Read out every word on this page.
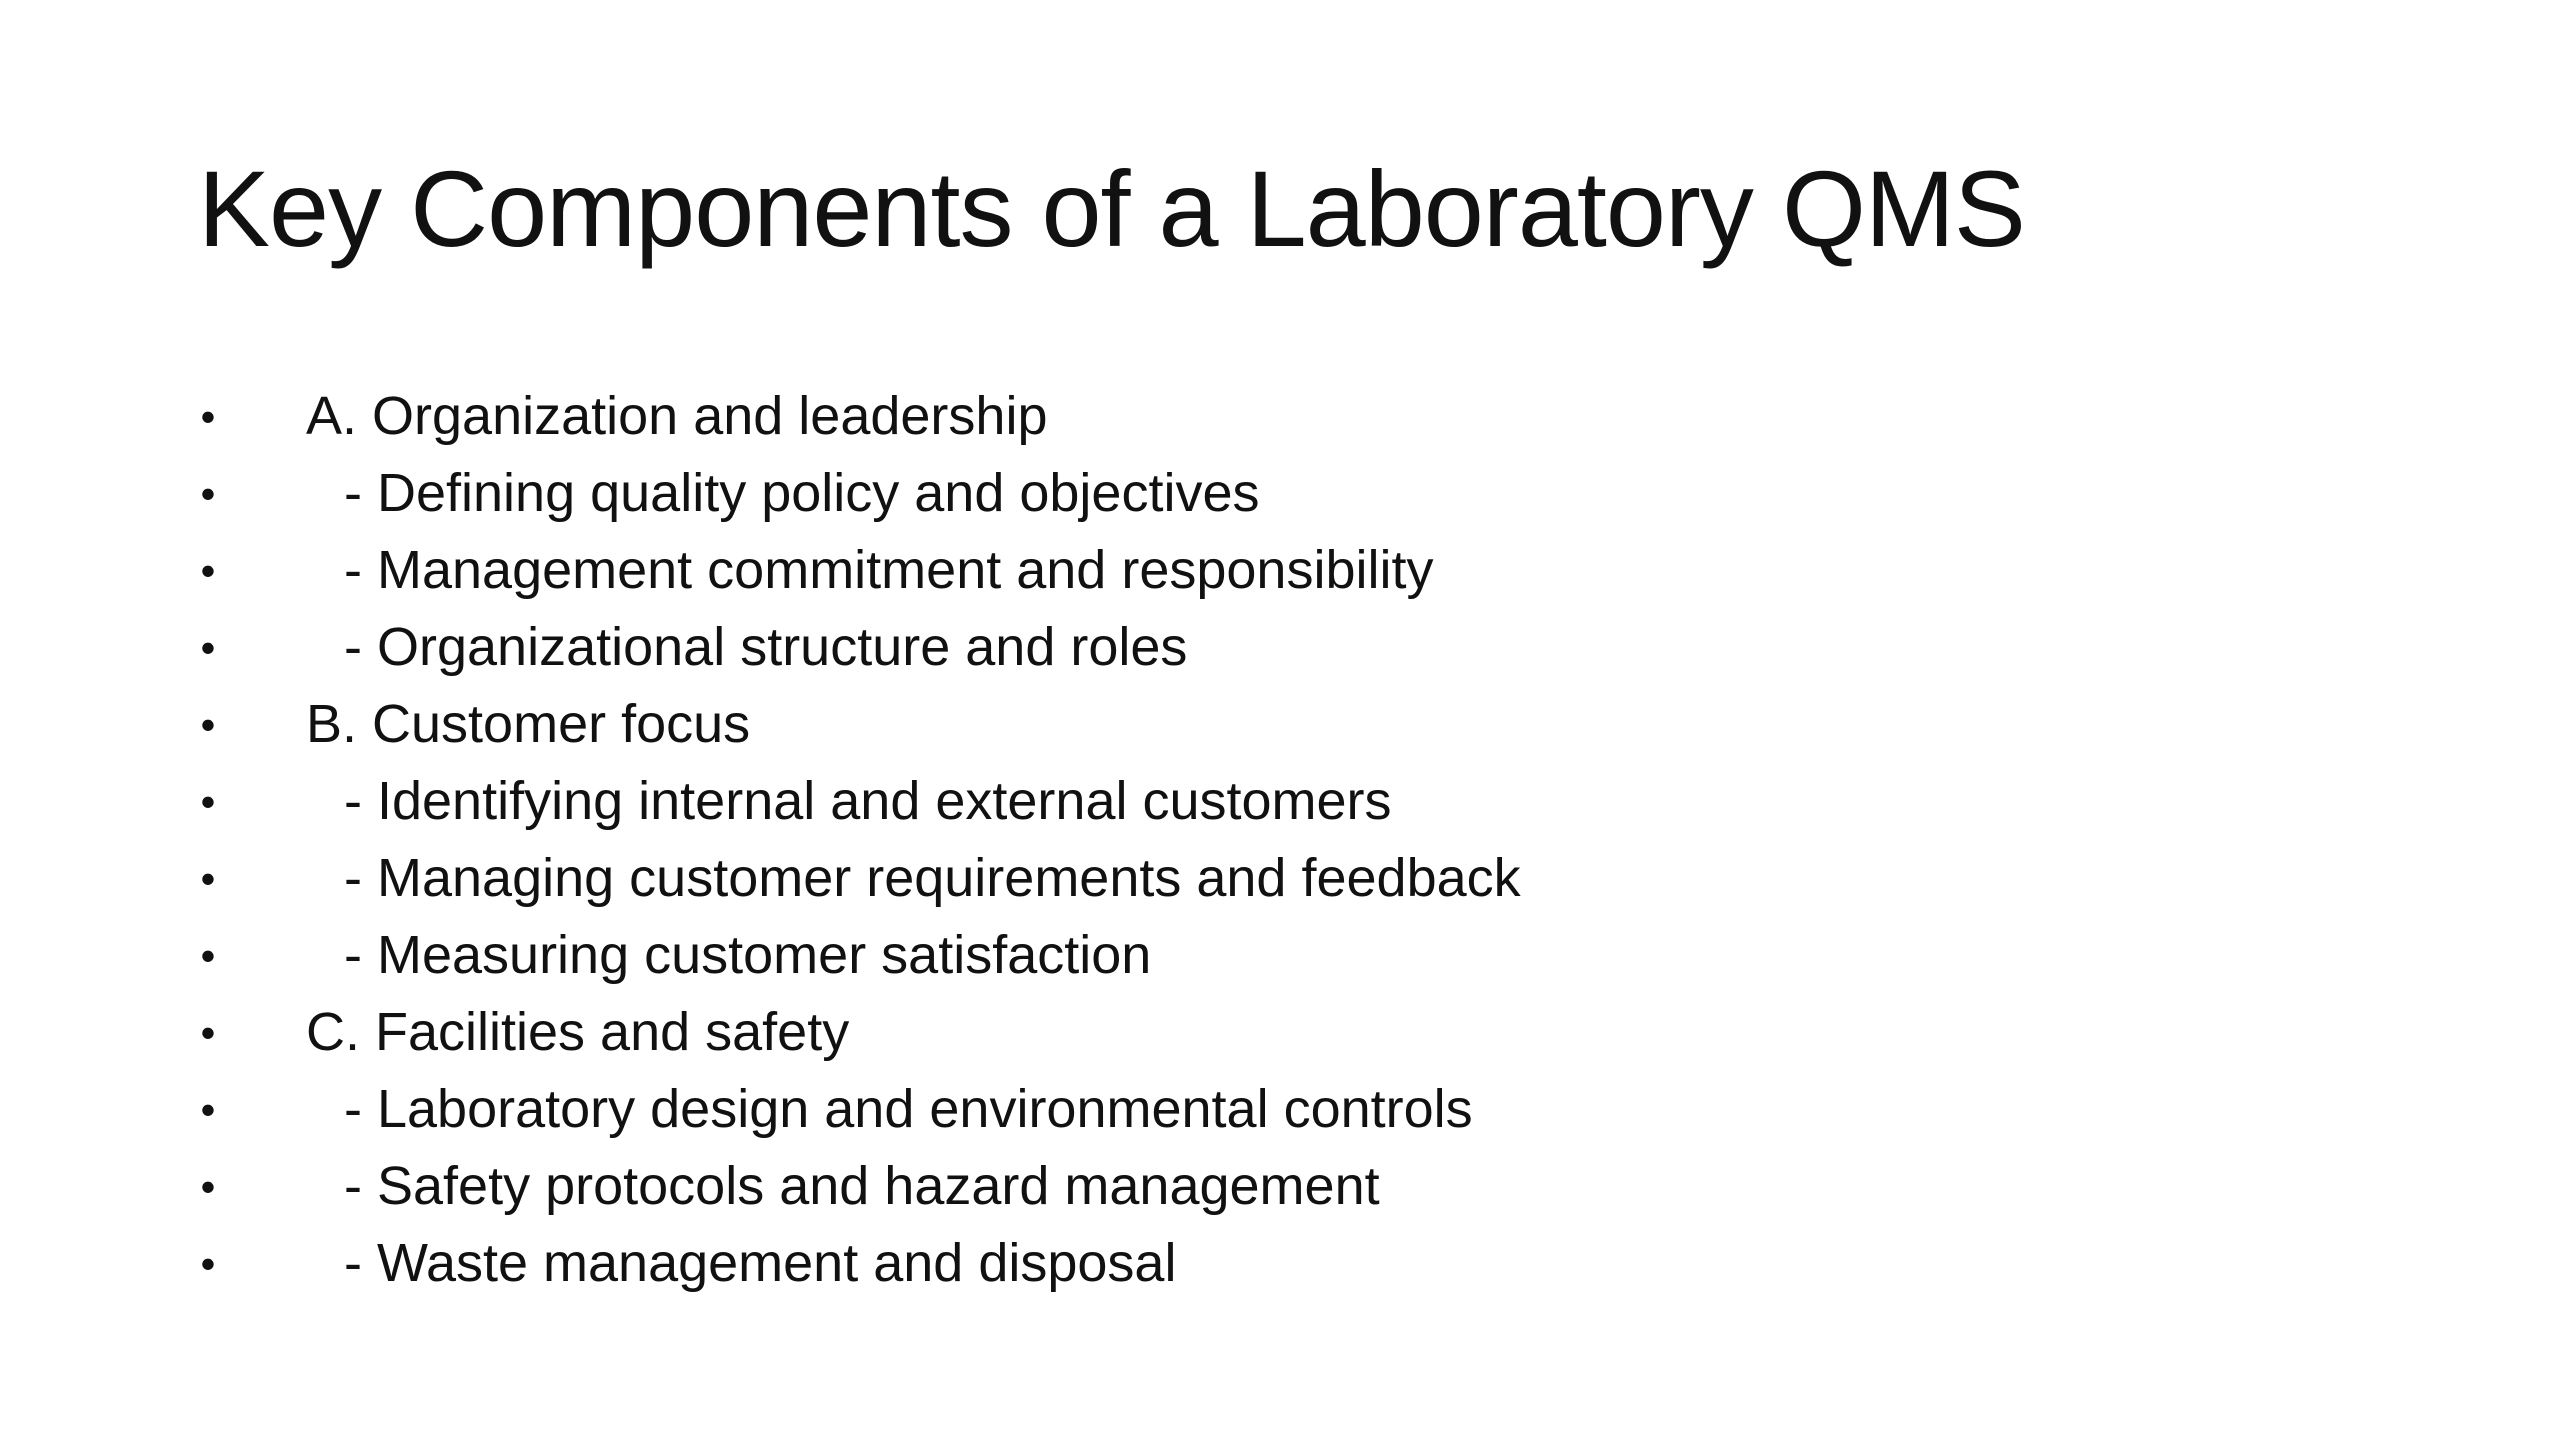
Key Components of a Laboratory QMS
• A. Organization and leadership
• - Defining quality policy and objectives
• - Management commitment and responsibility
• - Organizational structure and roles
• B. Customer focus
• - Identifying internal and external customers
• - Managing customer requirements and feedback
• - Measuring customer satisfaction
• C. Facilities and safety
• - Laboratory design and environmental controls
• - Safety protocols and hazard management
• - Waste management and disposal
